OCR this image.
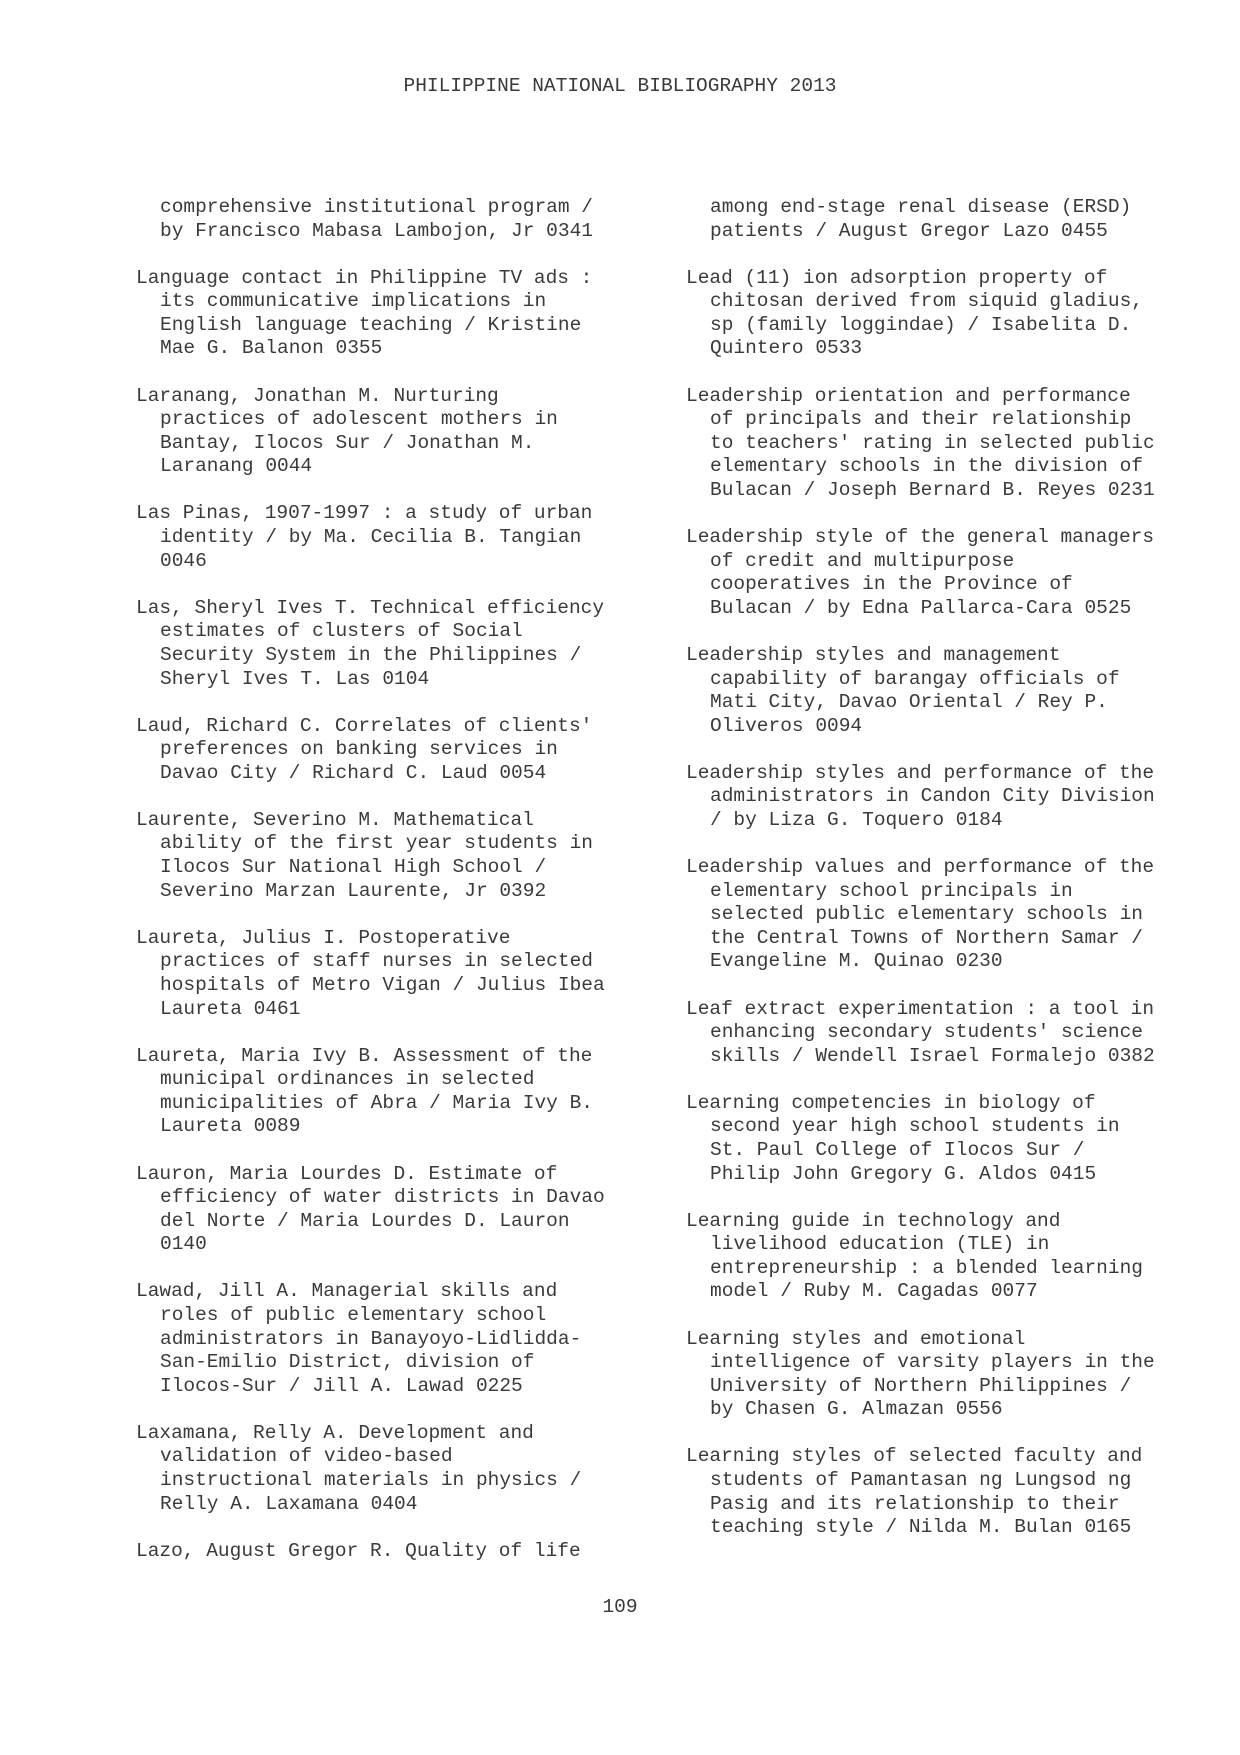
PHILIPPINE NATIONAL BIBLIOGRAPHY 2013
comprehensive institutional program /
by Francisco Mabasa Lambojon, Jr 0341
Language contact in Philippine TV ads :
its communicative implications in
English language teaching / Kristine
Mae G. Balanon 0355
Laranang, Jonathan M. Nurturing
practices of adolescent mothers in
Bantay, Ilocos Sur / Jonathan M.
Laranang 0044
Las Pinas, 1907-1997 : a study of urban
identity / by Ma. Cecilia B. Tangian
0046
Las, Sheryl Ives T. Technical efficiency
estimates of clusters of Social
Security System in the Philippines /
Sheryl Ives T. Las 0104
Laud, Richard C. Correlates of clients'
preferences on banking services in
Davao City / Richard C. Laud 0054
Laurente, Severino M. Mathematical
ability of the first year students in
Ilocos Sur National High School /
Severino Marzan Laurente, Jr 0392
Laureta, Julius I. Postoperative
practices of staff nurses in selected
hospitals of Metro Vigan / Julius Ibea
Laureta 0461
Laureta, Maria Ivy B. Assessment of the
municipal ordinances in selected
municipalities of Abra / Maria Ivy B.
Laureta 0089
Lauron, Maria Lourdes D. Estimate of
efficiency of water districts in Davao
del Norte / Maria Lourdes D. Lauron
0140
Lawad, Jill A. Managerial skills and
roles of public elementary school
administrators in Banayoyo-Lidlidda-
San-Emilio District, division of
Ilocos-Sur / Jill A. Lawad 0225
Laxamana, Relly A. Development and
validation of video-based
instructional materials in physics /
Relly A. Laxamana 0404
Lazo, August Gregor R. Quality of life
among end-stage renal disease (ERSD)
patients / August Gregor Lazo 0455
Lead (11) ion adsorption property of
chitosan derived from siquid gladius,
sp (family loggindae) / Isabelita D.
Quintero 0533
Leadership orientation and performance
of principals and their relationship
to teachers' rating in selected public
elementary schools in the division of
Bulacan / Joseph Bernard B. Reyes 0231
Leadership style of the general managers
of credit and multipurpose
cooperatives in the Province of
Bulacan / by Edna Pallarca-Cara 0525
Leadership styles and management
capability of barangay officials of
Mati City, Davao Oriental / Rey P.
Oliveros 0094
Leadership styles and performance of the
administrators in Candon City Division
/ by Liza G. Toquero 0184
Leadership values and performance of the
elementary school principals in
selected public elementary schools in
the Central Towns of Northern Samar /
Evangeline M. Quinao 0230
Leaf extract experimentation : a tool in
enhancing secondary students' science
skills / Wendell Israel Formalejo 0382
Learning competencies in biology of
second year high school students in
St. Paul College of Ilocos Sur /
Philip John Gregory G. Aldos 0415
Learning guide in technology and
livelihood education (TLE) in
entrepreneurship : a blended learning
model / Ruby M. Cagadas 0077
Learning styles and emotional
intelligence of varsity players in the
University of Northern Philippines /
by Chasen G. Almazan 0556
Learning styles of selected faculty and
students of Pamantasan ng Lungsod ng
Pasig and its relationship to their
teaching style / Nilda M. Bulan 0165
109
